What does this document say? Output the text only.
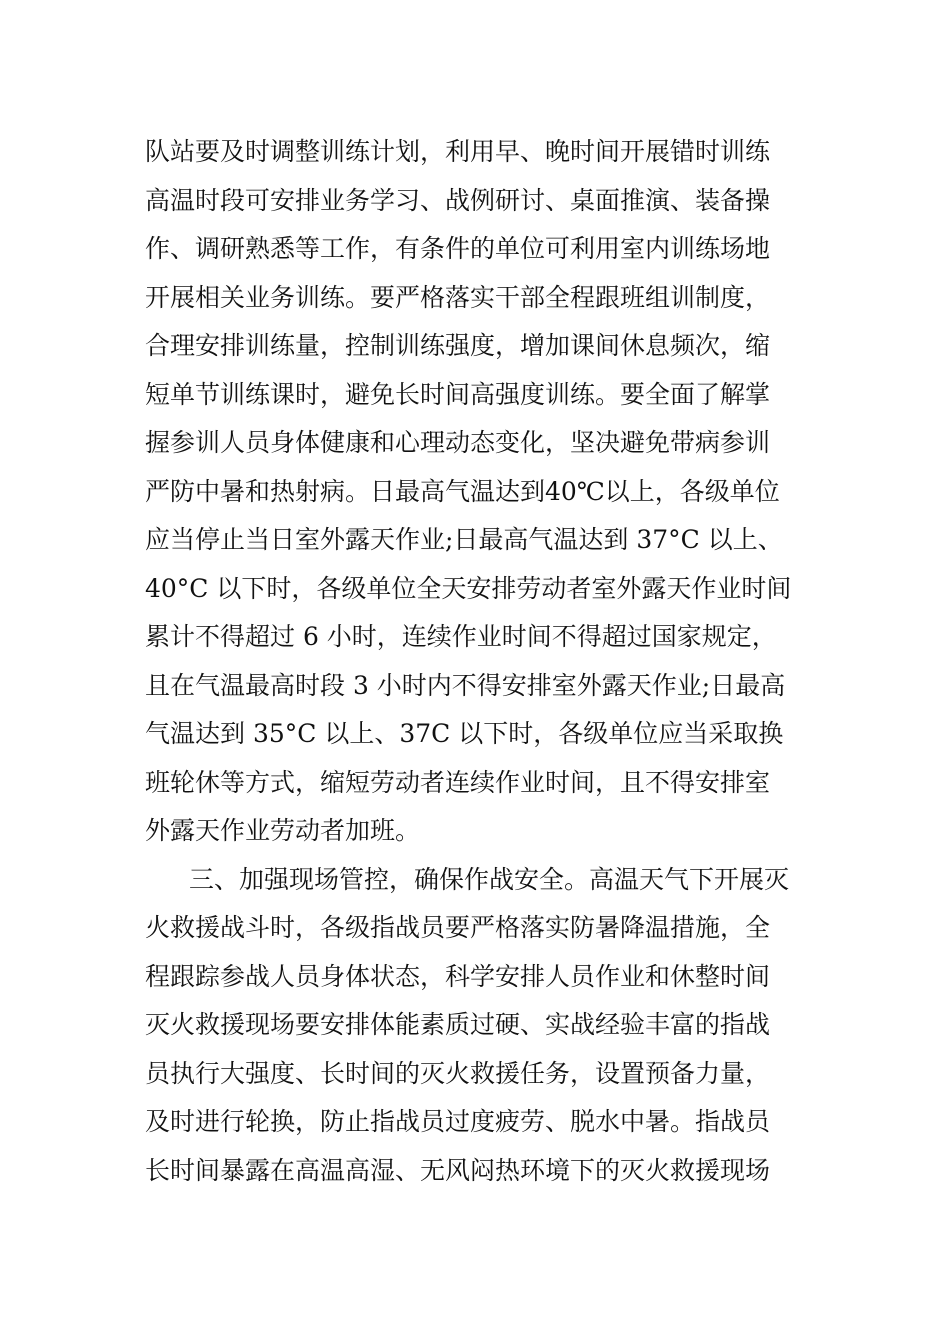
队站要及时调整训练计划，利用早、晚时间开展错时训练
高温时段可安排业务学习、战例研讨、桌面推演、装备操
作、调研熟悉等工作，有条件的单位可利用室内训练场地
开展相关业务训练。要严格落实干部全程跟班组训制度，
合理安排训练量，控制训练强度，增加课间休息频次，缩
短单节训练课时，避免长时间高强度训练。要全面了解掌
握参训人员身体健康和心理动态变化，坚决避免带病参训
严防中暑和热射病。日最高气温达到40℃以上，各级单位
应当停止当日室外露天作业;日最高气温达到 37°C 以上、
40°C 以下时，各级单位全天安排劳动者室外露天作业时间
累计不得超过 6 小时，连续作业时间不得超过国家规定，
且在气温最高时段 3 小时内不得安排室外露天作业;日最高
气温达到 35°C 以上、37C 以下时，各级单位应当采取换
班轮休等方式，缩短劳动者连续作业时间，且不得安排室
外露天作业劳动者加班。
三、加强现场管控，确保作战安全。高温天气下开展灭
火救援战斗时，各级指战员要严格落实防暑降温措施，全
程跟踪参战人员身体状态，科学安排人员作业和休整时间
灭火救援现场要安排体能素质过硬、实战经验丰富的指战
员执行大强度、长时间的灭火救援任务，设置预备力量，
及时进行轮换，防止指战员过度疲劳、脱水中暑。指战员
长时间暴露在高温高湿、无风闷热环境下的灭火救援现场
